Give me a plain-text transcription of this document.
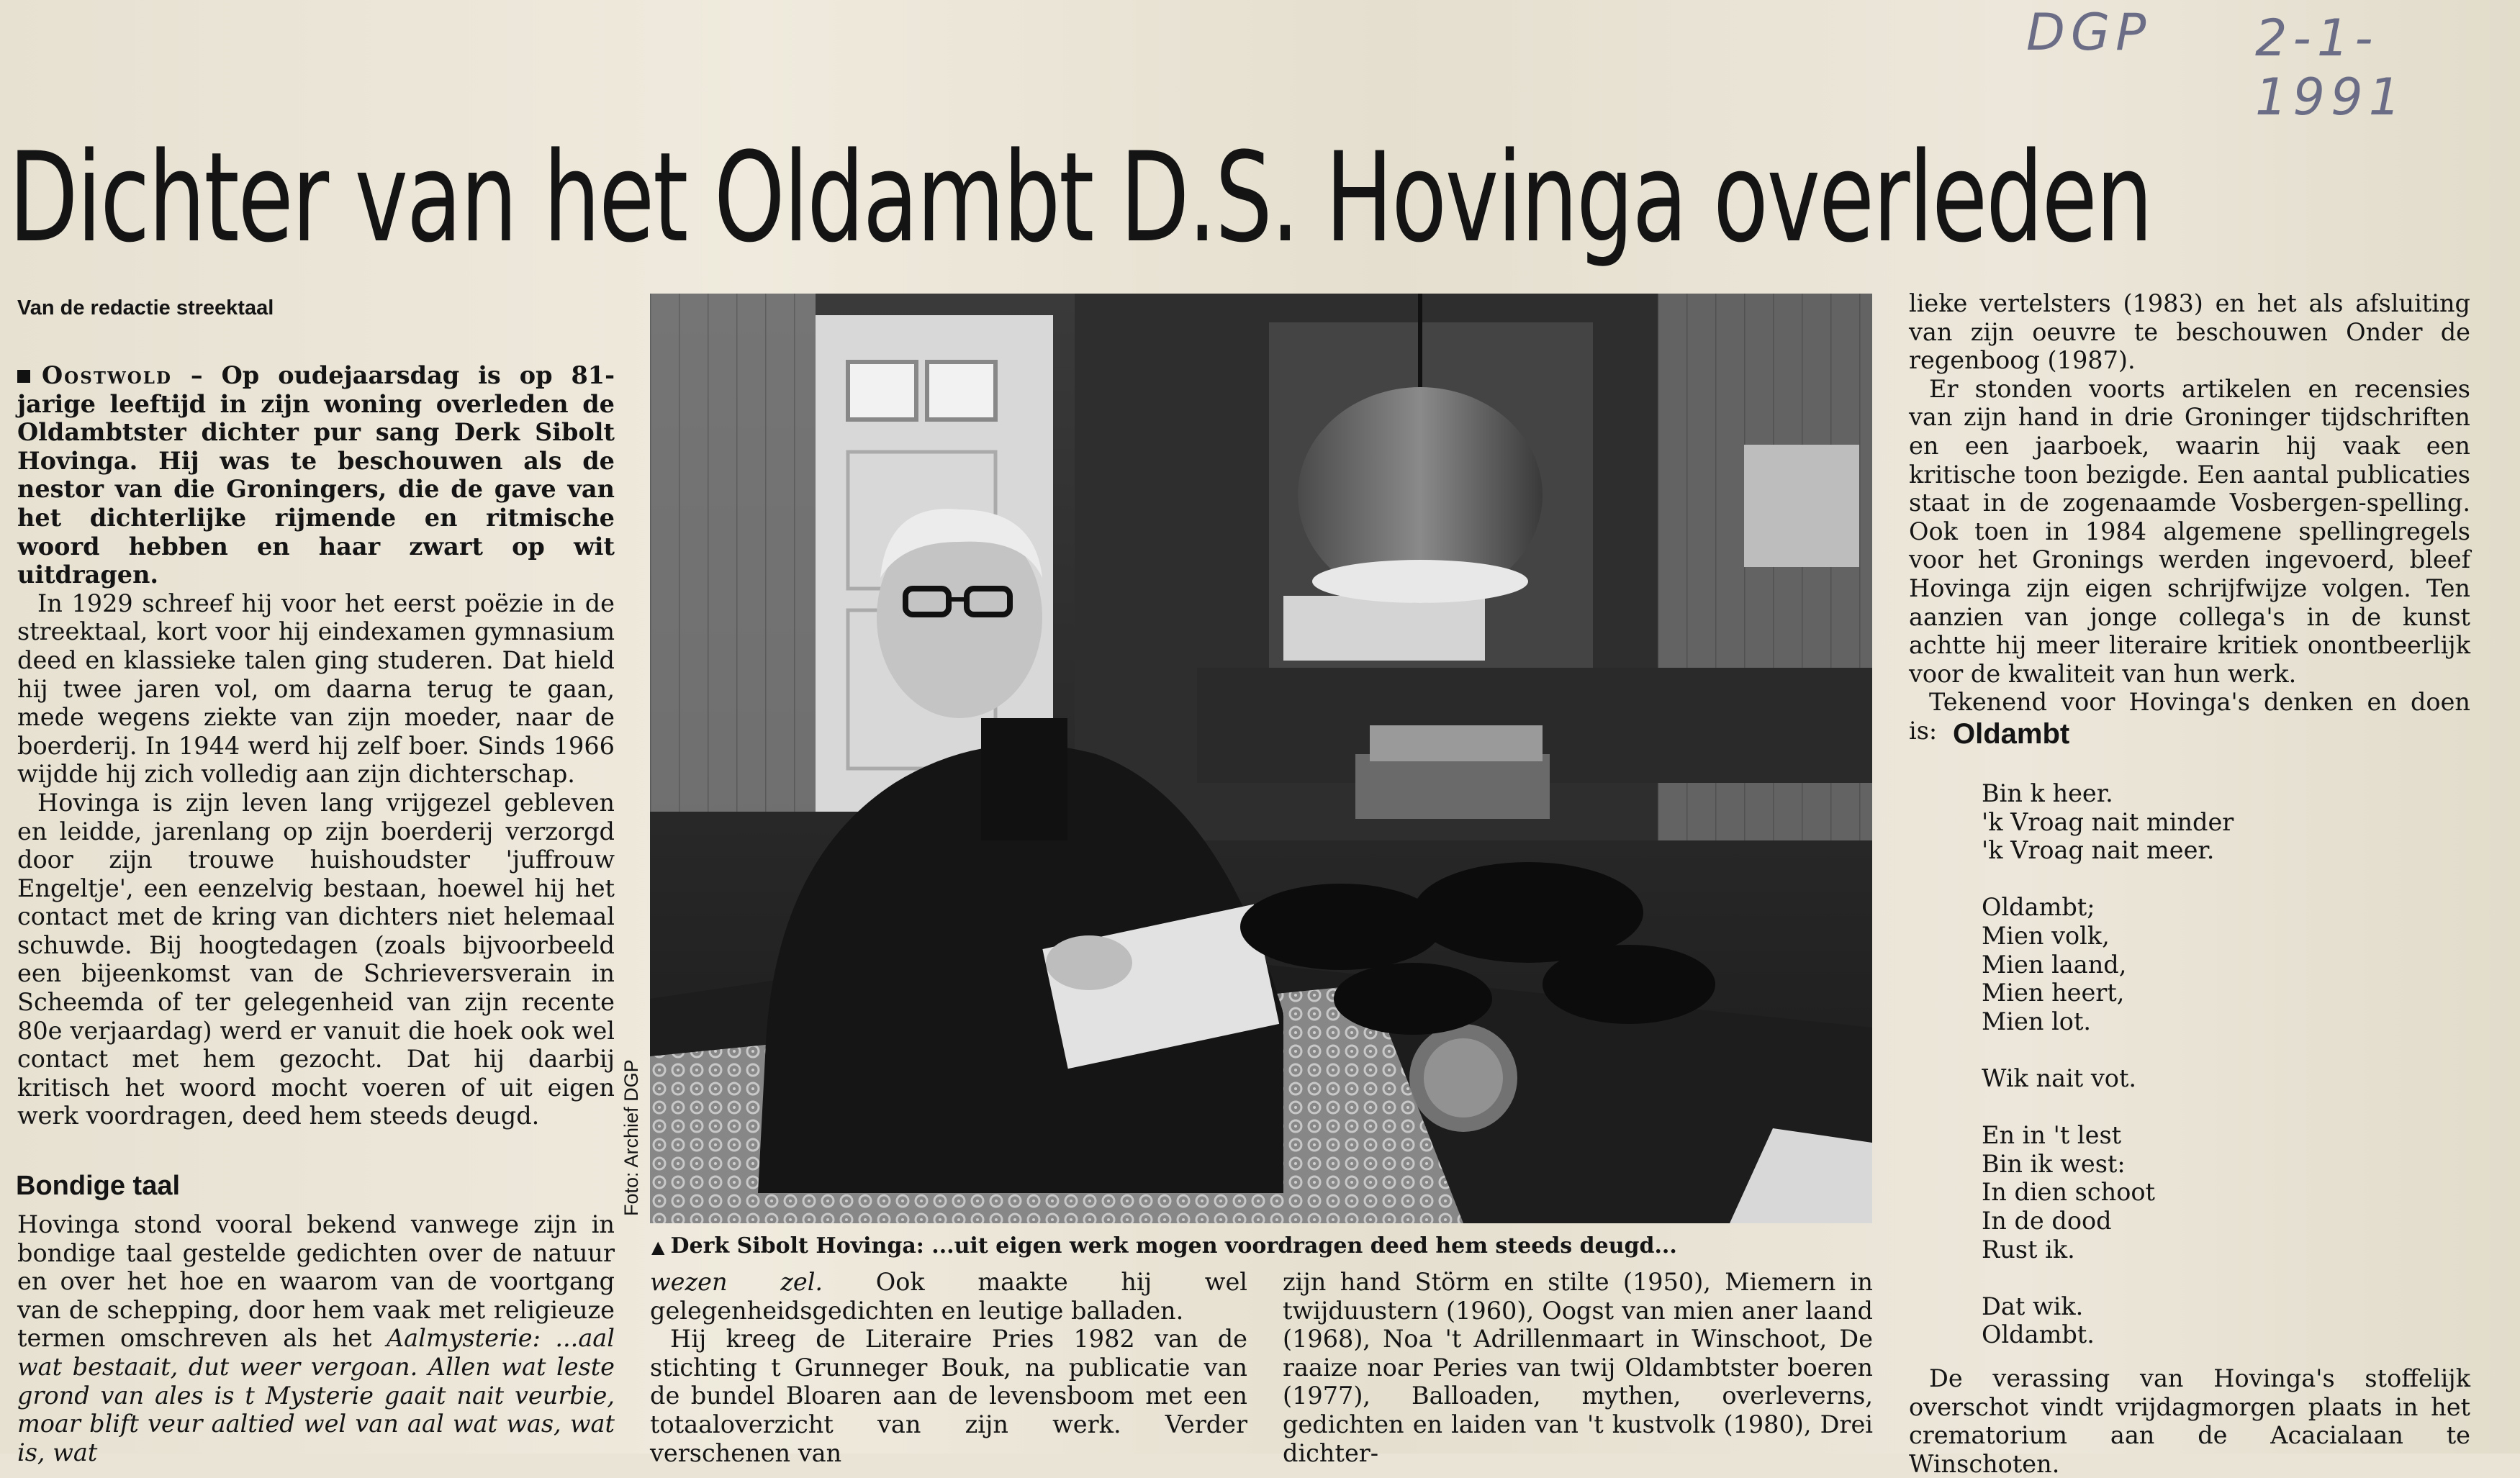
DGP 2-1-1991
Dichter van het Oldambt D.S. Hovinga overleden
Van de redactie streektaal

Oostwold – Op oudejaarsdag is op 81-jarige leeftijd in zijn woning overleden de Oldambtster dichter pur sang Derk Sibolt Hovinga. Hij was te beschouwen als de nestor van die Groningers, die de gave van het dichterlijke rijmende en ritmische woord hebben en haar zwart op wit uitdragen.

In 1929 schreef hij voor het eerst poëzie in de streektaal, kort voor hij eindexamen gymnasium deed en klassieke talen ging studeren. Dat hield hij twee jaren vol, om daarna terug te gaan, mede wegens ziekte van zijn moeder, naar de boerderij. In 1944 werd hij zelf boer. Sinds 1966 wijdde hij zich volledig aan zijn dichterschap.

Hovinga is zijn leven lang vrijgezel gebleven en leidde, jarenlang op zijn boerderij verzorgd door zijn trouwe huishoudster 'juffrouw Engeltje', een eenzelvig bestaan, hoewel hij het contact met de kring van dichters niet helemaal schuwde. Bij hoogtedagen (zoals bijvoorbeeld een bijeenkomst van de Schrieversverain in Scheemda of ter gelegenheid van zijn recente 80e verjaardag) werd er vanuit die hoek ook wel contact met hem gezocht. Dat hij daarbij kritisch het woord mocht voeren of uit eigen werk voordragen, deed hem steeds deugd.

Bondige taal

Hovinga stond vooral bekend vanwege zijn in bondige taal gestelde gedichten over de natuur en over het hoe en waarom van de voortgang van de schepping, door hem vaak met religieuze termen omschreven als het Aalmysterie: ...aal wat bestaait, dut weer vergoan. Allen wat leste grond van ales is t Mysterie gaait nait veurbie, moar blift veur aaltied wel van aal wat was, wat is, wat

Foto: Archief DGP
▲ Derk Sibolt Hovinga: ...uit eigen werk mogen voordragen deed hem steeds deugd...

wezen zel. Ook maakte hij wel gelegenheidsgedichten en leutige balladen.

Hij kreeg de Literaire Pries 1982 van de stichting t Grunneger Bouk, na publicatie van de bundel Bloaren aan de levensboom met een totaaloverzicht van zijn werk. Verder verschenen van

zijn hand Störm en stilte (1950), Miemern in twijduustern (1960), Oogst van mien aner laand (1968), Noa 't Adrillenmaart in Winschoot, De raaize noar Peries van twij Oldambtster boeren (1977), Balloaden, mythen, overleverns, gedichten en laiden van 't kustvolk (1980), Drei dichter-

lieke vertelsters (1983) en het als afsluiting van zijn oeuvre te beschouwen Onder de regenboog (1987).

Er stonden voorts artikelen en recensies van zijn hand in drie Groninger tijdschriften en een jaarboek, waarin hij vaak een kritische toon bezigde. Een aantal publicaties staat in de zogenaamde Vosbergen-spelling. Ook toen in 1984 algemene spellingregels voor het Gronings werden ingevoerd, bleef Hovinga zijn eigen schrijfwijze volgen. Ten aanzien van jonge collega's in de kunst achtte hij meer literaire kritiek onontbeerlijk voor de kwaliteit van hun werk.

Tekenend voor Hovinga's denken en doen is: Oldambt
Bin k heer.
'k Vroag nait minder
'k Vroag nait meer.
Oldambt;
Mien volk,
Mien laand,
Mien heert,
Mien lot.
Wik nait vot.
En in 't lest
Bin ik west:
In dien schoot
In de dood
Rust ik.
Dat wik.
Oldambt.

De verassing van Hovinga's stoffelijk overschot vindt vrijdagmorgen plaats in het crematorium aan de Acacialaan te Winschoten.
